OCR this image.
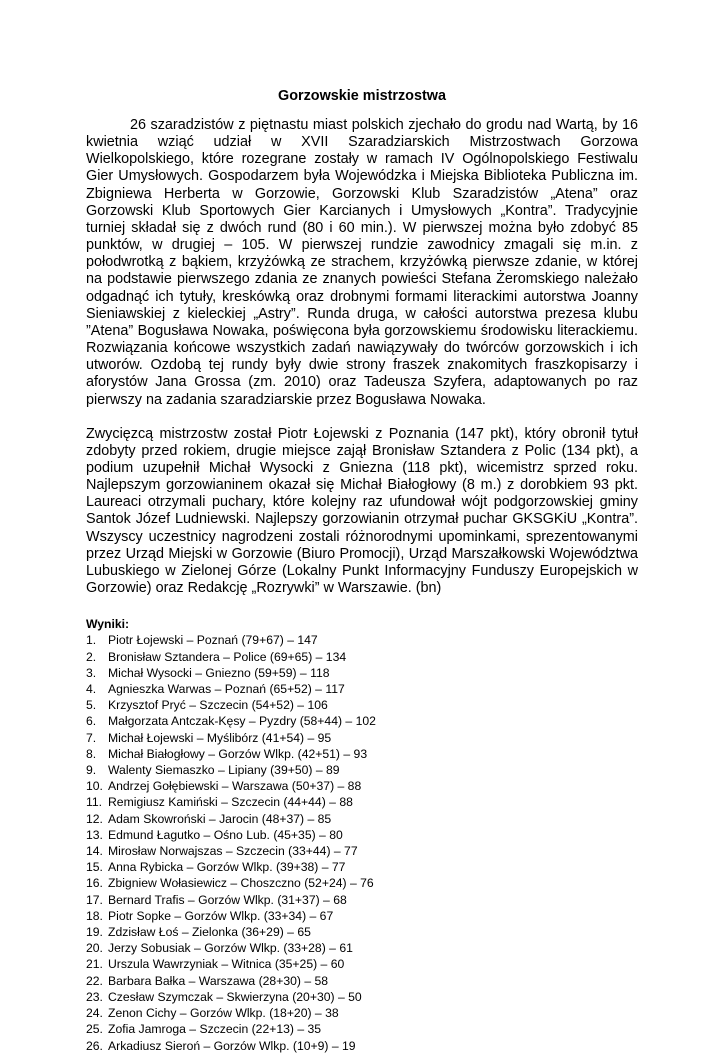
Gorzowskie mistrzostwa

26 szaradzistów z piętnastu miast polskich zjechało do grodu nad Wartą, by 16 kwietnia wziąć udział w XVII Szaradziarskich Mistrzostwach Gorzowa Wielkopolskiego, które rozegrane zostały w ramach IV Ogólnopolskiego Festiwalu Gier Umysłowych. Gospodarzem była Wojewódzka i Miejska Biblioteka Publiczna im. Zbigniewa Herberta w Gorzowie, Gorzowski Klub Szaradzistów „Atena” oraz Gorzowski Klub Sportowych Gier Karcianych i Umysłowych „Kontra”. Tradycyjnie turniej składał się z dwóch rund (80 i 60 min.). W pierwszej można było zdobyć 85 punktów, w drugiej – 105. W pierwszej rundzie zawodnicy zmagali się m.in. z połodwrotką z bąkiem, krzyżówką ze strachem, krzyżówką pierwsze zdanie, w której na podstawie pierwszego zdania ze znanych powieści Stefana Żeromskiego należało odgadnąć ich tytuły, kreskówką oraz drobnymi formami literackimi autorstwa Joanny Sieniawskiej z kieleckiej „Astry”. Runda druga, w całości autorstwa prezesa klubu ”Atena” Bogusława Nowaka, poświęcona była gorzowskiemu środowisku literackiemu. Rozwiązania końcowe wszystkich zadań nawiązywały do twórców gorzowskich i ich utworów. Ozdobą tej rundy były dwie strony fraszek znakomitych fraszkopisarzy i aforystów Jana Grossa (zm. 2010) oraz Tadeusza Szyfera, adaptowanych po raz pierwszy na zadania szaradziarskie przez Bogusława Nowaka.

Zwycięzcą mistrzostw został Piotr Łojewski z Poznania (147 pkt), który obronił tytuł zdobyty przed rokiem, drugie miejsce zajął Bronisław Sztandera z Polic (134 pkt), a podium uzupełnił Michał Wysocki z Gniezna (118 pkt), wicemistrz sprzed roku. Najlepszym gorzowianinem okazał się Michał Białogłowy (8 m.) z dorobkiem 93 pkt. Laureaci otrzymali puchary, które kolejny raz ufundował wójt podgorzowskiej gminy Santok Józef Ludniewski. Najlepszy gorzowianin otrzymał puchar GKSGKiU „Kontra”. Wszyscy uczestnicy nagrodzeni zostali różnorodnymi upominkami, sprezentowanymi przez Urząd Miejski w Gorzowie (Biuro Promocji), Urząd Marszałkowski Województwa Lubuskiego w Zielonej Górze (Lokalny Punkt Informacyjny Funduszy Europejskich w Gorzowie) oraz Redakcję „Rozrywki” w Warszawie. (bn)

Wyniki:

1. Piotr Łojewski – Poznań (79+67) – 147
2. Bronisław Sztandera – Police (69+65) – 134
3. Michał Wysocki – Gniezno (59+59) – 118
4. Agnieszka Warwas – Poznań (65+52) – 117
5. Krzysztof Pryć – Szczecin (54+52) – 106
6. Małgorzata Antczak-Kęsy – Pyzdry (58+44) – 102
7. Michał Łojewski – Myślibórz (41+54) – 95
8. Michał Białogłowy – Gorzów Wlkp. (42+51) – 93
9. Walenty Siemaszko – Lipiany (39+50) – 89
10. Andrzej Gołębiewski – Warszawa (50+37) – 88
11. Remigiusz Kamiński – Szczecin (44+44) – 88
12. Adam Skowroński – Jarocin (48+37) – 85
13. Edmund Łagutko – Ośno Lub. (45+35) – 80
14. Mirosław Norwajszas – Szczecin (33+44) – 77
15. Anna Rybicka – Gorzów Wlkp. (39+38) – 77
16. Zbigniew Wołasiewicz – Choszczno (52+24) – 76
17. Bernard Trafis – Gorzów Wlkp. (31+37) – 68
18. Piotr Sopke – Gorzów Wlkp. (33+34) – 67
19. Zdzisław Łoś – Zielonka (36+29) – 65
20. Jerzy Sobusiak – Gorzów Wlkp. (33+28) – 61
21. Urszula Wawrzyniak – Witnica (35+25) – 60
22. Barbara Bałka – Warszawa (28+30) – 58
23. Czesław Szymczak – Skwierzyna (20+30) – 50
24. Zenon Cichy – Gorzów Wlkp. (18+20) – 38
25. Zofia Jamroga – Szczecin (22+13) – 35
26. Arkadiusz Sieroń – Gorzów Wlkp. (10+9) – 19
